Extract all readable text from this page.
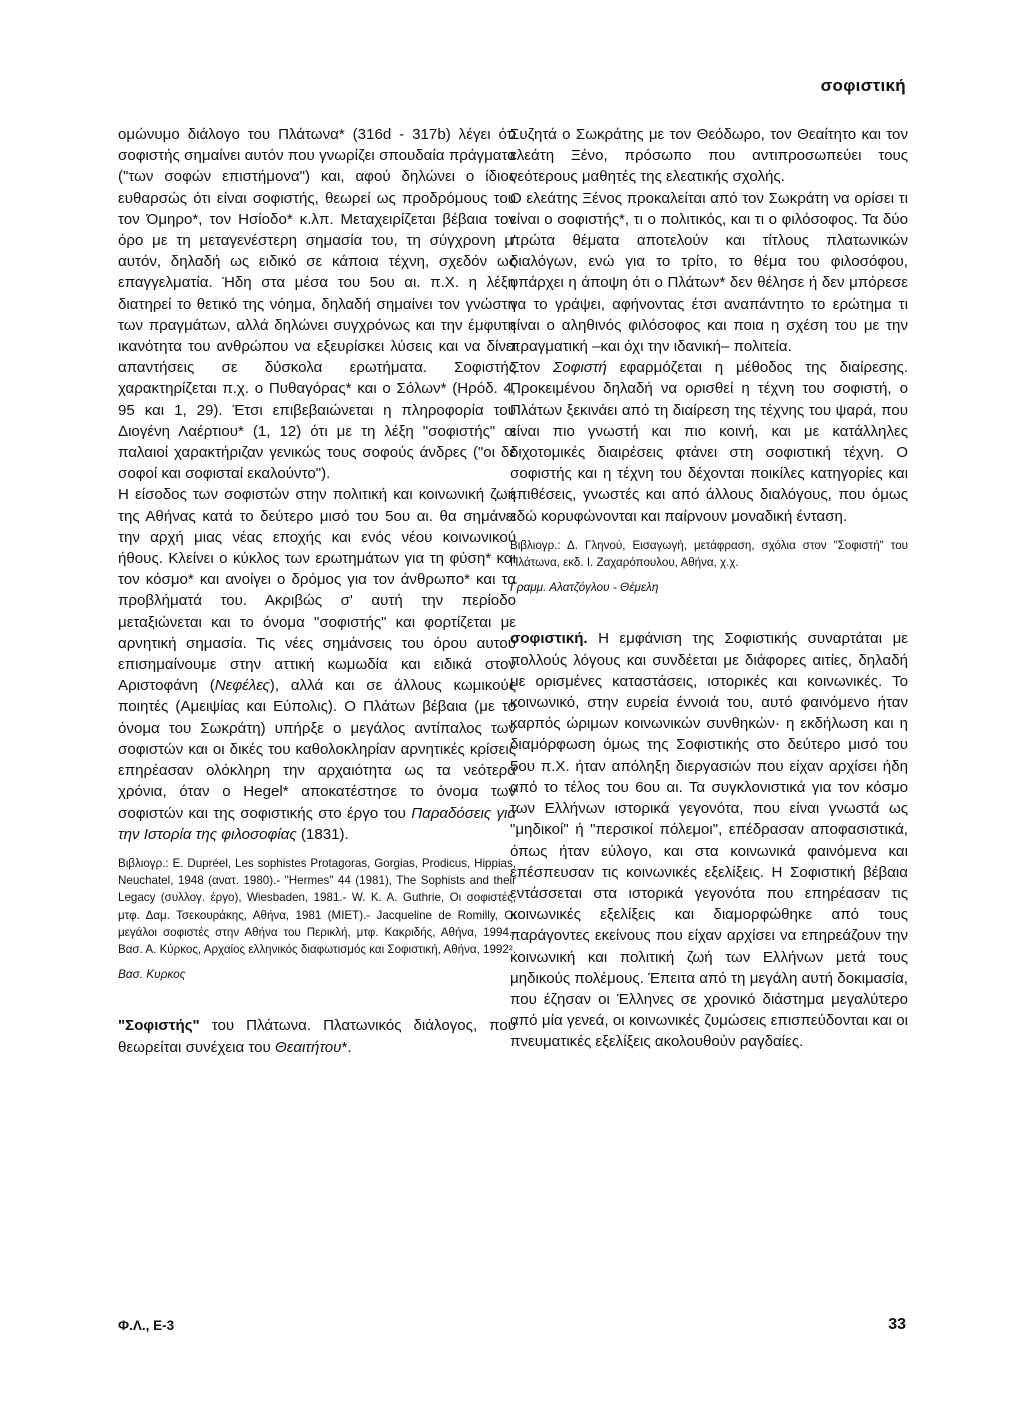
σοφιστική

ομώνυμο διάλογο του Πλάτωνα* (316d - 317b) λέγει ότι σοφιστής σημαίνει αυτόν που γνωρίζει σπουδαία πράγματα ("των σοφών επιστήμονα") και, αφού δηλώνει ο ίδιος ευθαρσώς ότι είναι σοφιστής, θεωρεί ως προδρόμους του τον Όμηρο*, τον Ησίοδο* κ.λπ. Μεταχειρίζεται βέβαια τον όρο με τη μεταγενέστερη σημασία του, τη σύγχρονη μ' αυτόν, δηλαδή ως ειδικό σε κάποια τέχνη, σχεδόν ως επαγγελματία. Ήδη στα μέσα του 5ου αι. π.Χ. η λέξη διατηρεί το θετικό της νόημα, δηλαδή σημαίνει τον γνώστη των πραγμάτων, αλλά δηλώνει συγχρόνως και την έμφυτη ικανότητα του ανθρώπου να εξευρίσκει λύσεις και να δίνει απαντήσεις σε δύσκολα ερωτήματα. Σοφιστής χαρακτηρίζεται π.χ. ο Πυθαγόρας* και ο Σόλων* (Ηρόδ. 4, 95 και 1, 29). Έτσι επιβεβαιώνεται η πληροφορία του Διογένη Λαέρτιου* (1, 12) ότι με τη λέξη "σοφιστής" οι παλαιοί χαρακτήριζαν γενικώς τους σοφούς άνδρες ("οι δε σοφοί και σοφισταί εκαλούντο").

Η είσοδος των σοφιστών στην πολιτική και κοινωνική ζωή της Αθήνας κατά το δεύτερο μισό του 5ου αι. θα σημάνει την αρχή μιας νέας εποχής και ενός νέου κοινωνικού ήθους. Κλείνει ο κύκλος των ερωτημάτων για τη φύση* και τον κόσμο* και ανοίγει ο δρόμος για τον άνθρωπο* και τα προβλήματά του. Ακριβώς σ' αυτή την περίοδο μεταξιώνεται και το όνομα "σοφιστής" και φορτίζεται με αρνητική σημασία. Τις νέες σημάνσεις του όρου αυτού επισημαίνουμε στην αττική κωμωδία και ειδικά στον Αριστοφάνη (Νεφέλες), αλλά και σε άλλους κωμικούς ποιητές (Αμειψίας και Εύπολις). Ο Πλάτων βέβαια (με το όνομα του Σωκράτη) υπήρξε ο μεγάλος αντίπαλος των σοφιστών και οι δικές του καθολοκληρίαν αρνητικές κρίσεις επηρέασαν ολόκληρη την αρχαιότητα ως τα νεότερα χρόνια, όταν ο Hegel* αποκατέστησε το όνομα των σοφιστών και της σοφιστικής στο έργο του Παραδόσεις για την Ιστορία της φιλοσοφίας (1831).

Βιβλιογρ.: E. Dupréel, Les sophistes Protagoras, Gorgias, Prodicus, Hippias, Neuchatel, 1948 (ανατ. 1980).- "Hermes" 44 (1981), The Sophists and their Legacy (συλλογ. έργο), Wiesbaden, 1981.- W. K. A. Guthrie, Οι σοφιστές, μτφ. Δαμ. Τσεκουράκης, Αθήνα, 1981 (ΜΙΕΤ).- Jacqueline de Romilly, Οι μεγάλοι σοφιστές στην Αθήνα του Περικλή, μτφ. Κακριδής, Αθήνα, 1994.- Βασ. Α. Κύρκος, Αρχαίος ελληνικός διαφωτισμός και Σοφιστική, Αθήνα, 1992².

Βασ. Κυρκος

"Σοφιστής" του Πλάτωνα. Πλατωνικός διάλογος, που θεωρείται συνέχεια του Θεαιτήτου*.

Συζητά ο Σωκράτης με τον Θεόδωρο, τον Θεαίτητο και τον ελεάτη Ξένο, πρόσωπο που αντιπροσωπεύει τους νεότερους μαθητές της ελεατικής σχολής.

Ο ελεάτης Ξένος προκαλείται από τον Σωκράτη να ορίσει τι είναι ο σοφιστής*, τι ο πολιτικός, και τι ο φιλόσοφος. Τα δύο πρώτα θέματα αποτελούν και τίτλους πλατωνικών διαλόγων, ενώ για το τρίτο, το θέμα του φιλοσόφου, υπάρχει η άποψη ότι ο Πλάτων* δεν θέλησε ή δεν μπόρεσε να το γράψει, αφήνοντας έτσι αναπάντητο το ερώτημα τι είναι ο αληθινός φιλόσοφος και ποια η σχέση του με την πραγματική –και όχι την ιδανική– πολιτεία.

Στον Σοφιστή εφαρμόζεται η μέθοδος της διαίρεσης. Προκειμένου δηλαδή να ορισθεί η τέχνη του σοφιστή, ο Πλάτων ξεκινάει από τη διαίρεση της τέχνης του ψαρά, που είναι πιο γνωστή και πιο κοινή, και με κατάλληλες διχοτομικές διαιρέσεις φτάνει στη σοφιστική τέχνη. Ο σοφιστής και η τέχνη του δέχονται ποικίλες κατηγορίες και επιθέσεις, γνωστές και από άλλους διαλόγους, που όμως εδώ κορυφώνονται και παίρνουν μοναδική ένταση.

Βιβλιογρ.: Δ. Γληνού, Εισαγωγή, μετάφραση, σχόλια στον "Σοφιστή" του Πλάτωνα, εκδ. Ι. Ζαχαρόπουλου, Αθήνα, χ.χ.

Γραμμ. Αλατζόγλου - Θέμελη

σοφιστική. Η εμφάνιση της Σοφιστικής συναρτάται με πολλούς λόγους και συνδέεται με διάφορες αιτίες, δηλαδή με ορισμένες καταστάσεις, ιστορικές και κοινωνικές. Το κοινωνικό, στην ευρεία έννοιά του, αυτό φαινόμενο ήταν καρπός ώριμων κοινωνικών συνθηκών· η εκδήλωση και η διαμόρφωση όμως της Σοφιστικής στο δεύτερο μισό του 5ου π.Χ. ήταν απόληξη διεργασιών που είχαν αρχίσει ήδη από το τέλος του 6ου αι. Τα συγκλονιστικά για τον κόσμο των Ελλήνων ιστορικά γεγονότα, που είναι γνωστά ως "μηδικοί" ή "περσικοί πόλεμοι", επέδρασαν αποφασιστικά, όπως ήταν εύλογο, και στα κοινωνικά φαινόμενα και επέσπευσαν τις κοινωνικές εξελίξεις. Η Σοφιστική βέβαια εντάσσεται στα ιστορικά γεγονότα που επηρέασαν τις κοινωνικές εξελίξεις και διαμορφώθηκε από τους παράγοντες εκείνους που είχαν αρχίσει να επηρεάζουν την κοινωνική και πολιτική ζωή των Ελλήνων μετά τους μηδικούς πολέμους. Έπειτα από τη μεγάλη αυτή δοκιμασία, που έζησαν οι Έλληνες σε χρονικό διάστημα μεγαλύτερο από μία γενεά, οι κοινωνικές ζυμώσεις επισπεύδονται και οι πνευματικές εξελίξεις ακολουθούν ραγδαίες.

Φ.Λ., Ε-3	33
